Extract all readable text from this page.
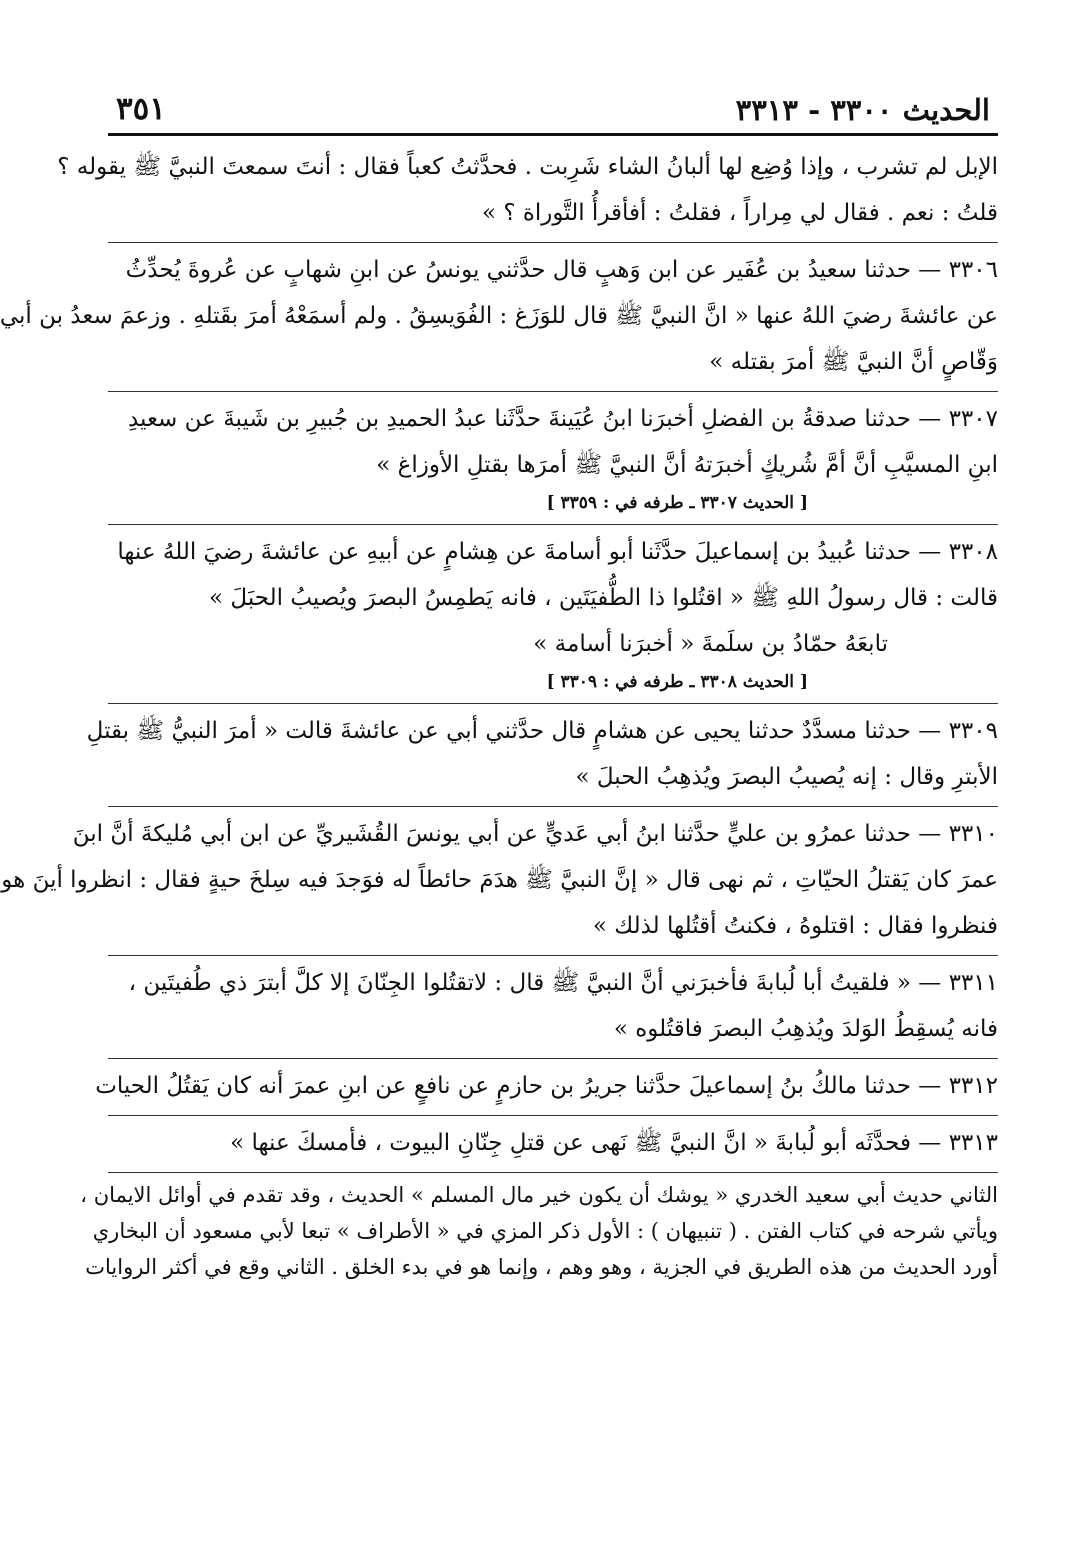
الحديث ٣٣٠٠ - ٣٣١٣
٣٥١
الإبل لم تشرب ، وإذا وُضِع لها ألبانُ الشاء شَرِبت . فحدَّثتُ كعباً فقال : أنتَ سمعتَ النبيَّ ﷺ يقوله ؟
قلتُ : نعم . فقال لي مِراراً ، فقلتُ : أفأقرأُ التَّوراة ؟ »
٣٣٠٦ — حدثنا سعيدُ بن عُفَير عن ابن وَهبٍ قال حدَّثني يونسُ عن ابنِ شهابٍ عن عُروةَ يُحدِّثُ
عن عائشةَ رضيَ اللهُ عنها « انَّ النبيَّ ﷺ قال للوَزَغ : الفُوَيسِقُ . ولم أسمَعْهُ أمرَ بقَتلهِ . وزعمَ سعدُ بن أبي
وَقّاصٍ أنَّ النبيَّ ﷺ أمرَ بقتله »
٣٣٠٧ — حدثنا صدقةُ بن الفضلِ أخبرَنا ابنُ عُيَينةَ حدَّثَنا عبدُ الحميدِ بن جُبيرِ بن شَيبةَ عن سعيدِ
ابنِ المسيَّبِ أنَّ أمَّ شُريكٍ أخبرَتهُ أنَّ النبيَّ ﷺ أمرَها بقتلِ الأوزاغ »
[ الحديث ٣٣٠٧ ـ طرفه في : ٣٣٥٩ ]
٣٣٠٨ — حدثنا عُبيدُ بن إسماعيلَ حدَّثَنا أبو أسامةَ عن هِشامٍ عن أبيهِ عن عائشةَ رضيَ اللهُ عنها
قالت : قال رسولُ اللهِ ﷺ « اقتُلوا ذا الطُّفيَتَين ، فانه يَطمِسُ البصرَ ويُصيبُ الحبَلَ »
تابعَهُ حمّادُ بن سلَمةَ « أخبرَنا أسامة »
[ الحديث ٣٣٠٨ ـ طرفه في : ٣٣٠٩ ]
٣٣٠٩ — حدثنا مسدَّدٌ حدثنا يحيى عن هشامٍ قال حدَّثني أبي عن عائشةَ قالت « أمرَ النبيُّ ﷺ بقتلِ
الأبترِ وقال : إنه يُصيبُ البصرَ ويُذهِبُ الحبلَ »
٣٣١٠ — حدثنا عمرُو بن عليٍّ حدَّثنا ابنُ أبي عَديٍّ عن أبي يونسَ القُشَيريِّ عن ابن أبي مُليكةَ أنَّ ابنَ
عمرَ كان يَقتلُ الحيّاتِ ، ثم نهى قال « إنَّ النبيَّ ﷺ هدَمَ حائطاً له فوَجدَ فيه سِلخَ حيةٍ فقال : انظروا أينَ هو
فنظروا فقال : اقتلوهُ ، فكنتُ أقتُلها لذلك »
٣٣١١ — « فلقيتُ أبا لُبابةَ فأخبرَني أنَّ النبيَّ ﷺ قال : لاتقتُلوا الجِنّانَ إلا كلَّ أبترَ ذي طُفيتَين ،
فانه يُسقِطُ الوَلدَ ويُذهِبُ البصرَ فاقتُلوه »
٣٣١٢ — حدثنا مالكُ بنُ إسماعيلَ حدَّثنا جريرُ بن حازمٍ عن نافعٍ عن ابنِ عمرَ أنه كان يَقتُلُ الحيات
٣٣١٣ — فحدَّثَه أبو لُبابةَ « انَّ النبيَّ ﷺ نَهى عن قتلِ جِنّانِ البيوت ، فأمسكَ عنها »
الثاني حديث أبي سعيد الخدري « يوشك أن يكون خير مال المسلم » الحديث ، وقد تقدم في أوائل الايمان ،
ويأتي شرحه في كتاب الفتن . ( تنبيهان ) : الأول ذكر المزي في « الأطراف » تبعا لأبي مسعود أن البخاري
أورد الحديث من هذه الطريق في الجزية ، وهو وهم ، وإنما هو في بدء الخلق . الثاني وقع في أكثر الروايات
